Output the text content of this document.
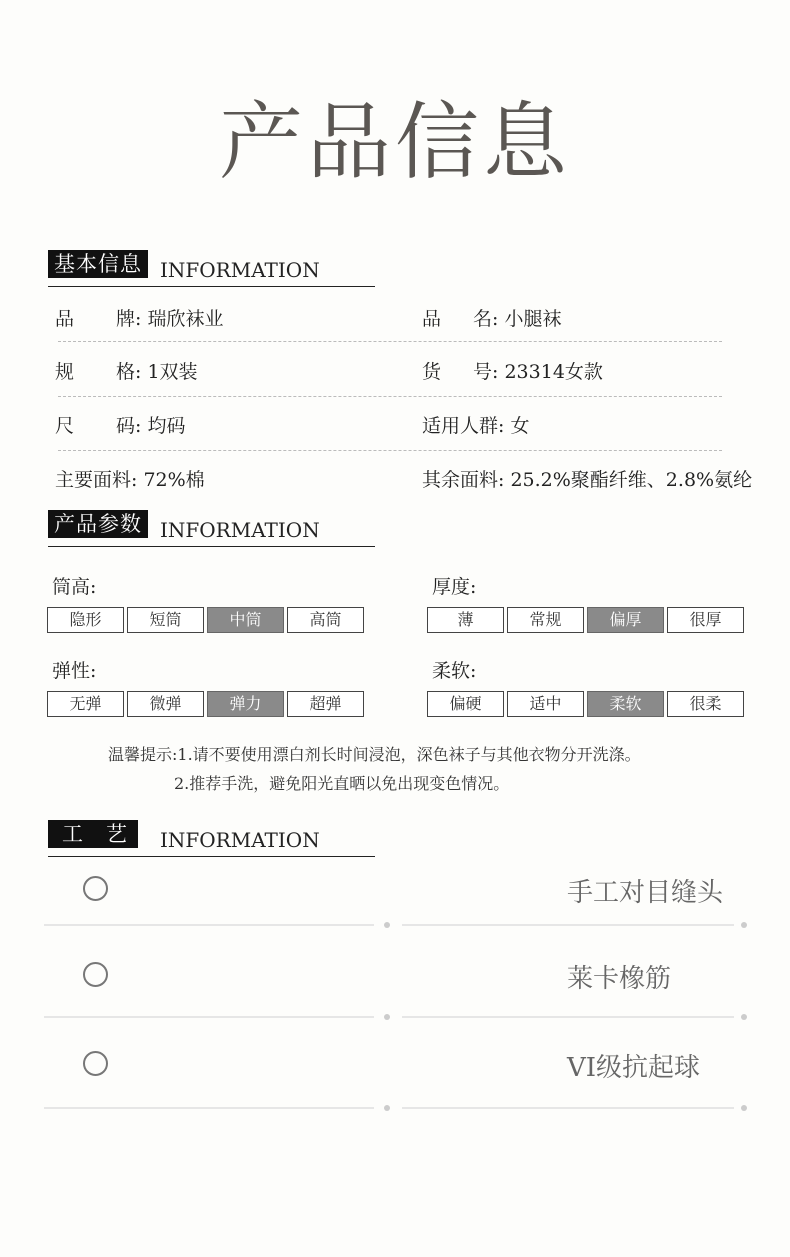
产品信息
基本信息 INFORMATION
品 牌: 瑞欣袜业	品 名: 小腿袜
规 格: 1双装	货 号: 23314女款
尺 码: 均码	适用人群: 女
主要面料: 72%棉	其余面料: 25.2%聚酯纤维、2.8%氨纶
产品参数 INFORMATION
筒高:
隐形	短筒	中筒	高筒
厚度:
薄	常规	偏厚	很厚
弹性:
无弹	微弹	弹力	超弹
柔软:
偏硬	适中	柔软	很柔
温馨提示:1.请不要使用漂白剂长时间浸泡，深色袜子与其他衣物分开洗涤。
2.推荐手洗，避免阳光直晒以免出现变色情况。
工　艺	INFORMATION
手工对目缝头
莱卡橡筋
VI级抗起球
